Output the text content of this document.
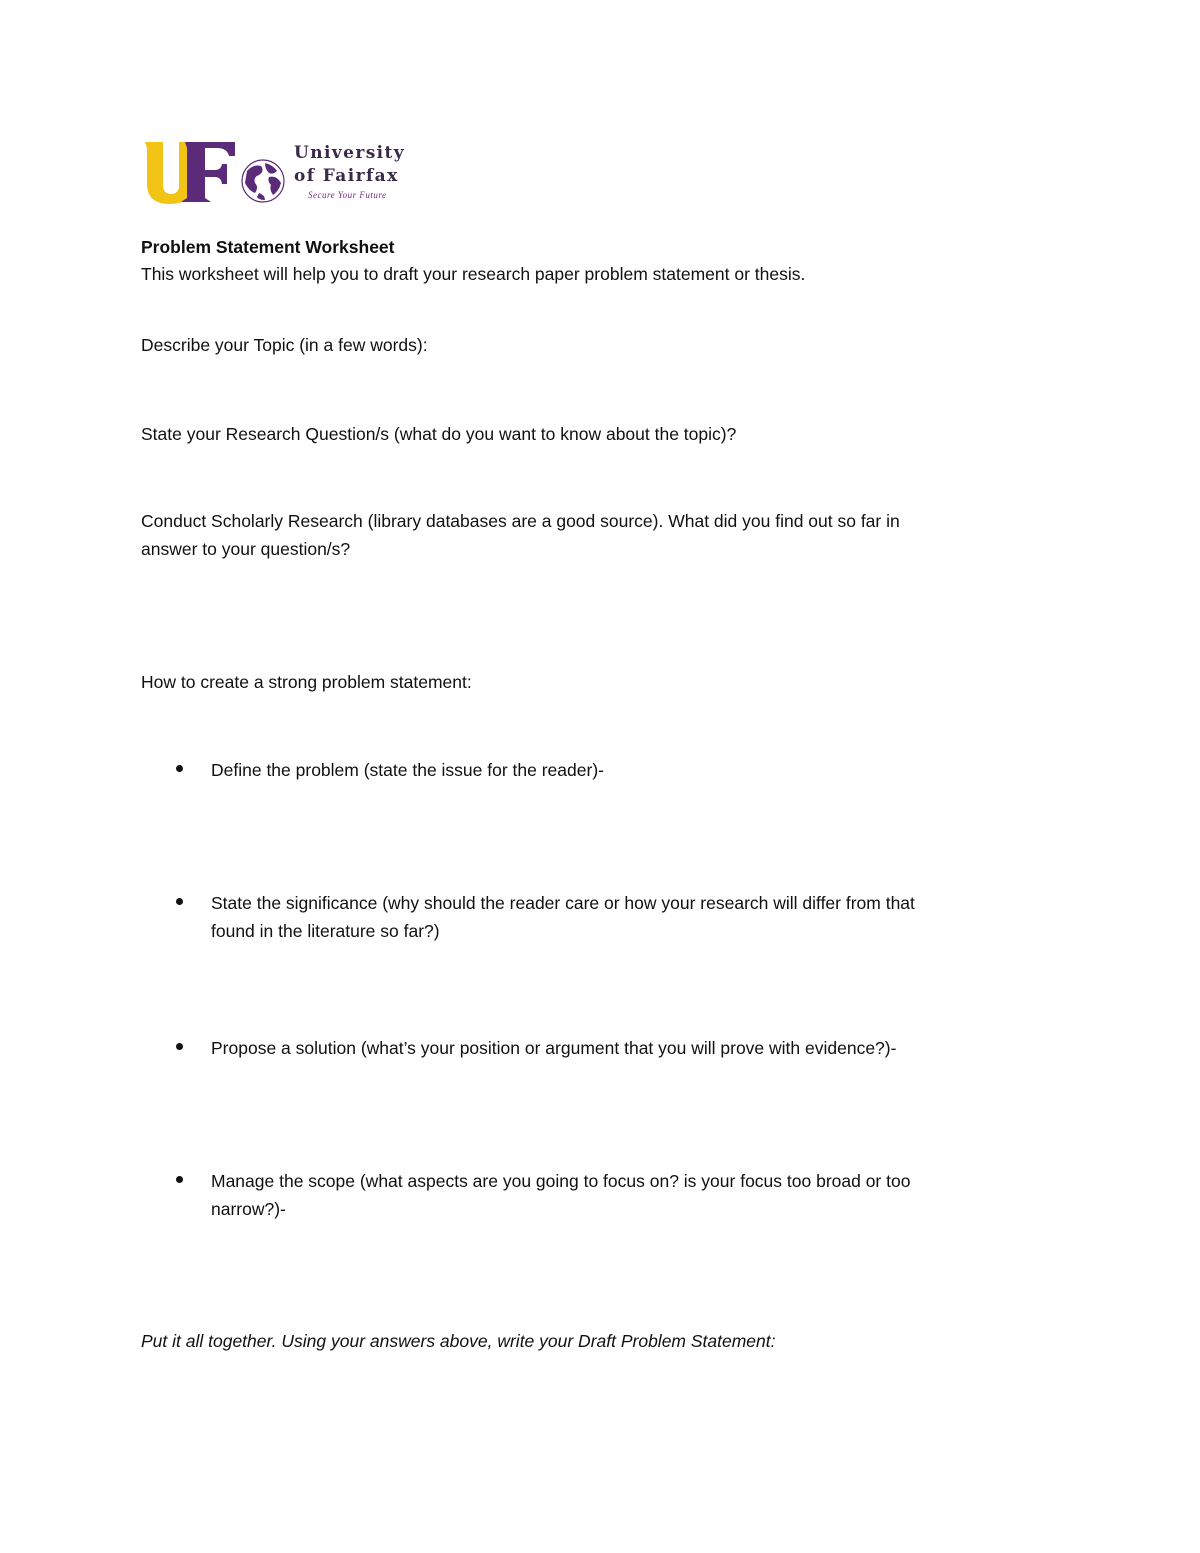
University
of Fairfax
Secure Your Future
Problem Statement Worksheet
This worksheet will help you to draft your research paper problem statement or thesis.
Describe your Topic (in a few words):
State your Research Question/s (what do you want to know about the topic)?
Conduct Scholarly Research (library databases are a good source). What did you find out so far in
answer to your question/s?
How to create a strong problem statement:
Define the problem (state the issue for the reader)-
State the significance (why should the reader care or how your research will differ from that
found in the literature so far?)
Propose a solution (what’s your position or argument that you will prove with evidence?)-
Manage the scope (what aspects are you going to focus on? is your focus too broad or too
narrow?)-
Put it all together. Using your answers above, write your Draft Problem Statement:
